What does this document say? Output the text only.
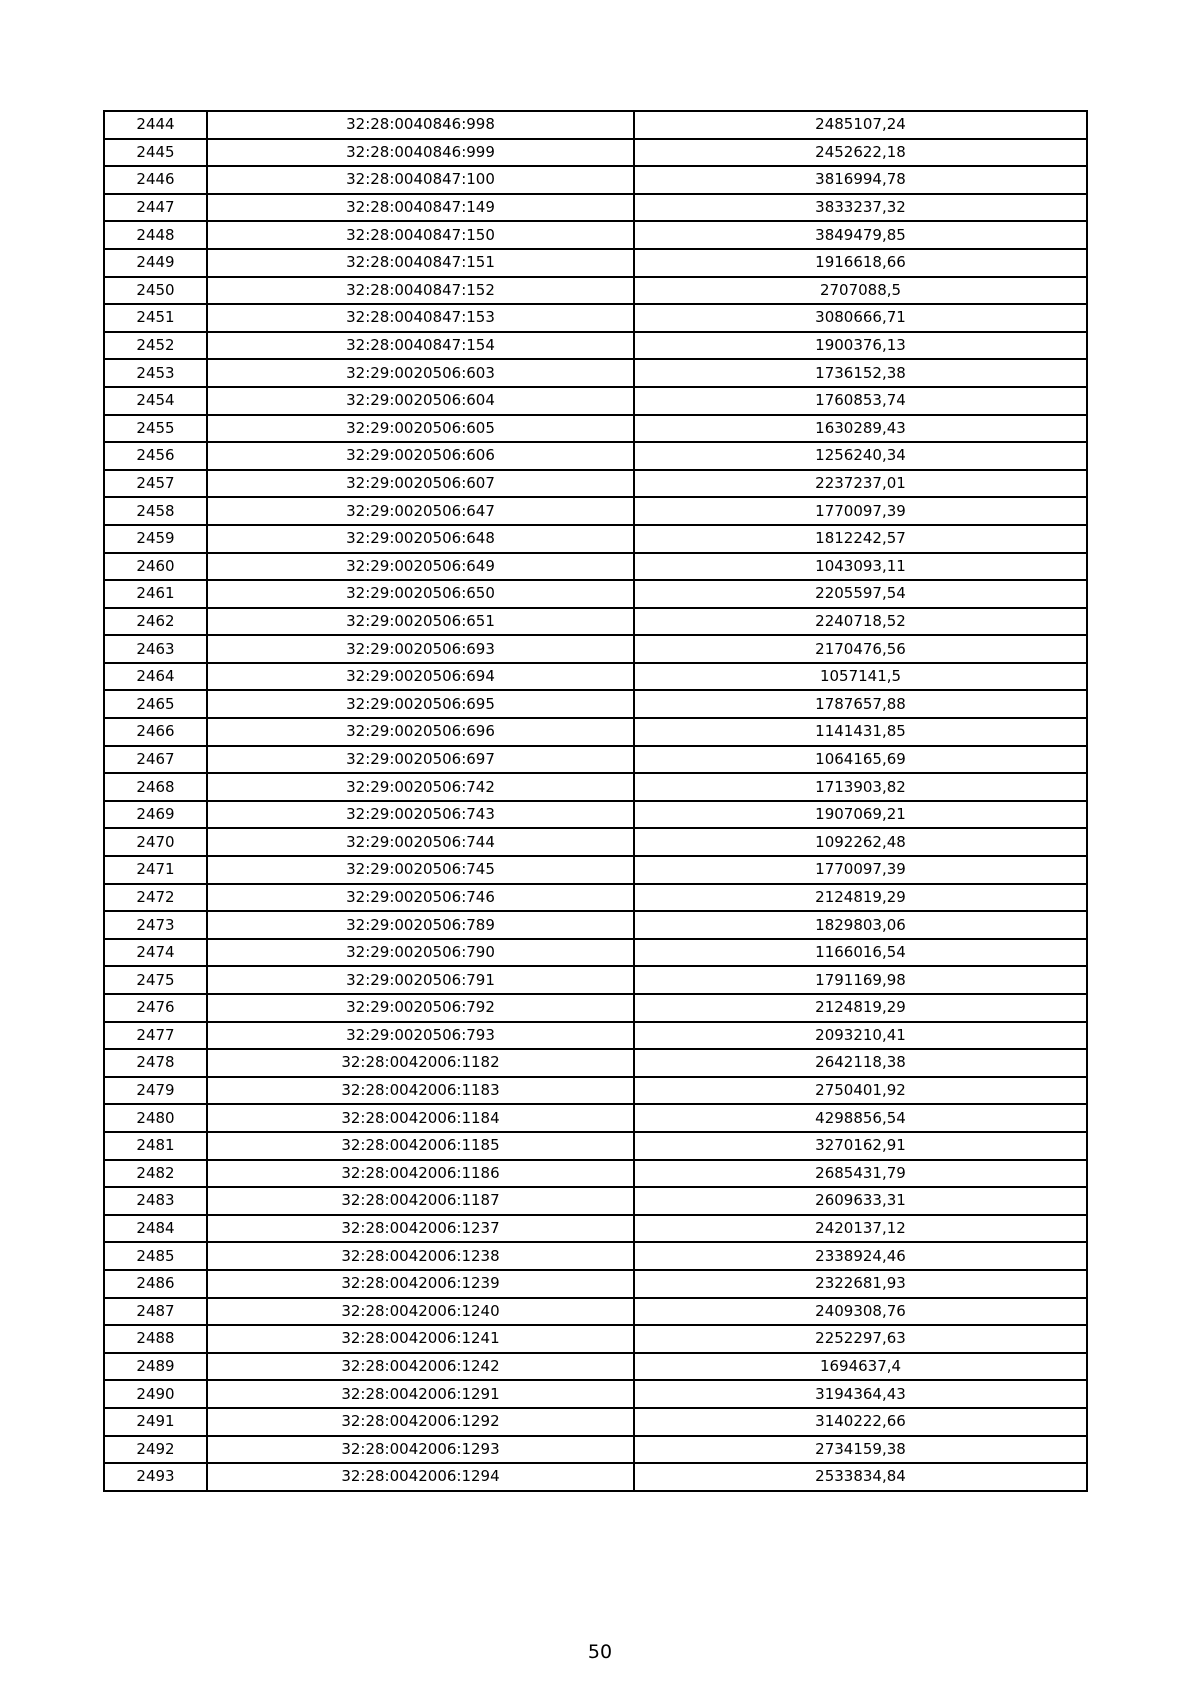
2444	32:28:0040846:998	2485107,24
2445	32:28:0040846:999	2452622,18
2446	32:28:0040847:100	3816994,78
2447	32:28:0040847:149	3833237,32
2448	32:28:0040847:150	3849479,85
2449	32:28:0040847:151	1916618,66
2450	32:28:0040847:152	2707088,5
2451	32:28:0040847:153	3080666,71
2452	32:28:0040847:154	1900376,13
2453	32:29:0020506:603	1736152,38
2454	32:29:0020506:604	1760853,74
2455	32:29:0020506:605	1630289,43
2456	32:29:0020506:606	1256240,34
2457	32:29:0020506:607	2237237,01
2458	32:29:0020506:647	1770097,39
2459	32:29:0020506:648	1812242,57
2460	32:29:0020506:649	1043093,11
2461	32:29:0020506:650	2205597,54
2462	32:29:0020506:651	2240718,52
2463	32:29:0020506:693	2170476,56
2464	32:29:0020506:694	1057141,5
2465	32:29:0020506:695	1787657,88
2466	32:29:0020506:696	1141431,85
2467	32:29:0020506:697	1064165,69
2468	32:29:0020506:742	1713903,82
2469	32:29:0020506:743	1907069,21
2470	32:29:0020506:744	1092262,48
2471	32:29:0020506:745	1770097,39
2472	32:29:0020506:746	2124819,29
2473	32:29:0020506:789	1829803,06
2474	32:29:0020506:790	1166016,54
2475	32:29:0020506:791	1791169,98
2476	32:29:0020506:792	2124819,29
2477	32:29:0020506:793	2093210,41
2478	32:28:0042006:1182	2642118,38
2479	32:28:0042006:1183	2750401,92
2480	32:28:0042006:1184	4298856,54
2481	32:28:0042006:1185	3270162,91
2482	32:28:0042006:1186	2685431,79
2483	32:28:0042006:1187	2609633,31
2484	32:28:0042006:1237	2420137,12
2485	32:28:0042006:1238	2338924,46
2486	32:28:0042006:1239	2322681,93
2487	32:28:0042006:1240	2409308,76
2488	32:28:0042006:1241	2252297,63
2489	32:28:0042006:1242	1694637,4
2490	32:28:0042006:1291	3194364,43
2491	32:28:0042006:1292	3140222,66
2492	32:28:0042006:1293	2734159,38
2493	32:28:0042006:1294	2533834,84
50
